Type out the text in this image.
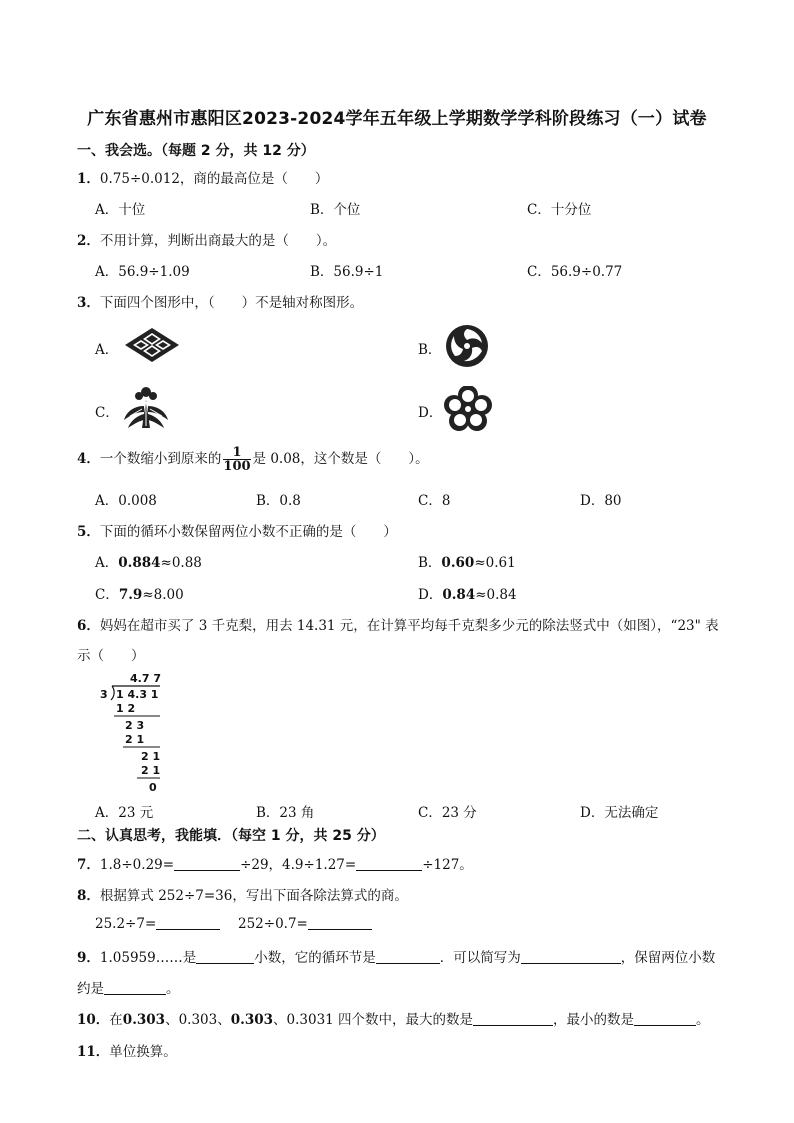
广东省惠州市惠阳区2023-2024学年五年级上学期数学学科阶段练习（一）试卷
一、我会选。（每题 2 分，共 12 分）
1．0.75÷0.012，商的最高位是（　　）
A．十位	B．个位	C．十分位
2．不用计算，判断出商最大的是（　　）。
A．56.9÷1.09	B．56.9÷1	C．56.9÷0.77
3．下面四个图形中，（　　）不是轴对称图形。
A．	B．
C．	D．
4．一个数缩小到原来的 $\frac{1}{100}$ 是 0.08，这个数是（　　）。
A．0.008	B．0.8	C．8	D．80
5．下面的循环小数保留两位小数不正确的是（　　）
A．0.884≈0.88	B．0.60≈0.61
C．7.9≈8.00	D．0.84≈0.84
6．妈妈在超市买了 3 千克梨，用去 14.31 元，在计算平均每千克梨多少元的除法竖式中（如图），“23" 表
示（　　）
4.7 7
3 1 4.3 1
1 2
2 3
2 1
2 1
2 1
0
A．23 元	B．23 角	C．23 分	D．无法确定
二、认真思考，我能填．（每空 1 分，共 25 分）
7．1.8÷0.29=	÷29，4.9÷1.27=	÷127。
8．根据算式 252÷7=36，写出下面各除法算式的商。
25.2÷7=	252÷0.7=
9．1.05959……是	小数，它的循环节是	．可以简写为	，保留两位小数
约是	。
10．在0.303、0.303、0.303、0.3031 四个数中，最大的数是	，最小的数是	。
11．单位换算。
